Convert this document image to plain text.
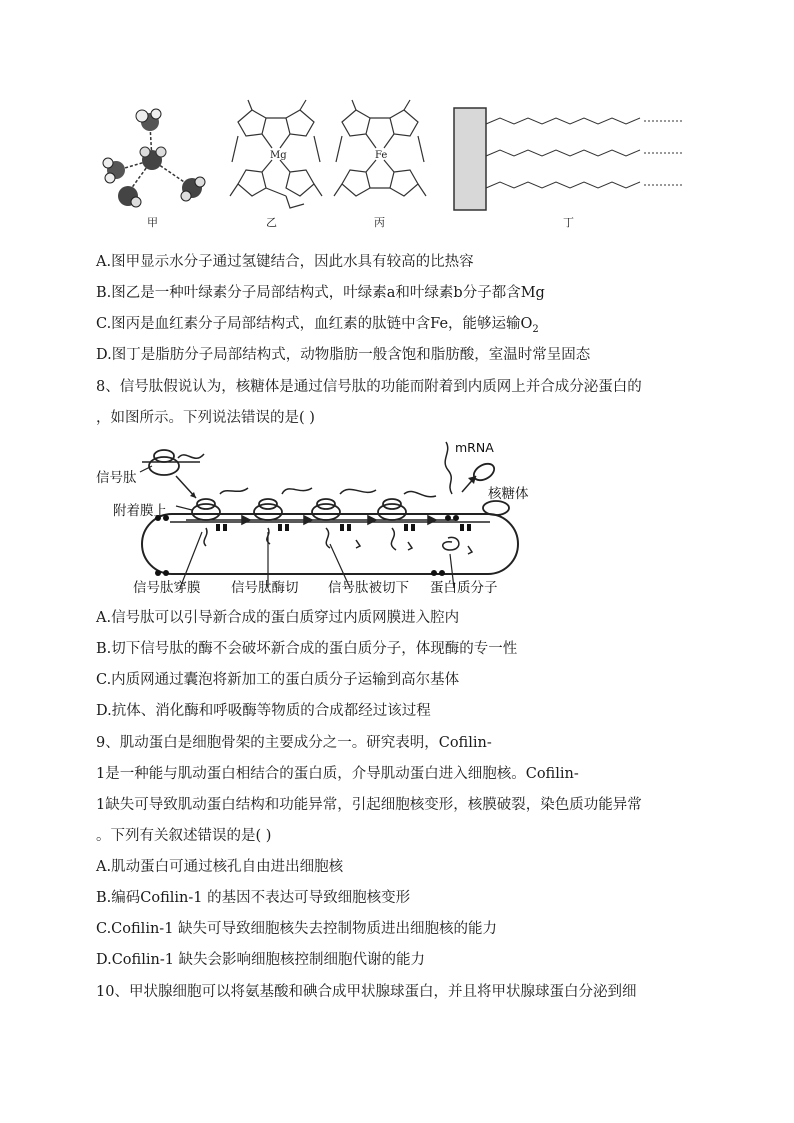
Mg	Fe
甲	乙	丙	丁
A.图甲显示水分子通过氢键结合，因此水具有较高的比热容
B.图乙是一种叶绿素分子局部结构式，叶绿素a和叶绿素b分子都含Mg
C.图丙是血红素分子局部结构式，血红素的肽链中含Fe，能够运输$O_2$
D.图丁是脂肪分子局部结构式，动物脂肪一般含饱和脂肪酸，室温时常呈固态
8、信号肽假说认为，核糖体是通过信号肽的功能而附着到内质网上并合成分泌蛋白的
，如图所示。下列说法错误的是( )
mRNA
核糖体
信号肽
附着膜上
信号肽穿膜 信号肽酶切 信号肽被切下 蛋白质分子
A.信号肽可以引导新合成的蛋白质穿过内质网膜进入腔内
B.切下信号肽的酶不会破坏新合成的蛋白质分子，体现酶的专一性
C.内质网通过囊泡将新加工的蛋白质分子运输到高尔基体
D.抗体、消化酶和呼吸酶等物质的合成都经过该过程
9、肌动蛋白是细胞骨架的主要成分之一。研究表明，Cofilin-
1是一种能与肌动蛋白相结合的蛋白质，介导肌动蛋白进入细胞核。Cofilin-
1缺失可导致肌动蛋白结构和功能异常，引起细胞核变形，核膜破裂，染色质功能异常
。下列有关叙述错误的是( )
A.肌动蛋白可通过核孔自由进出细胞核
B.编码Cofilin-1 的基因不表达可导致细胞核变形
C.Cofilin-1 缺失可导致细胞核失去控制物质进出细胞核的能力
D.Cofilin-1 缺失会影响细胞核控制细胞代谢的能力
10、甲状腺细胞可以将氨基酸和碘合成甲状腺球蛋白，并且将甲状腺球蛋白分泌到细
